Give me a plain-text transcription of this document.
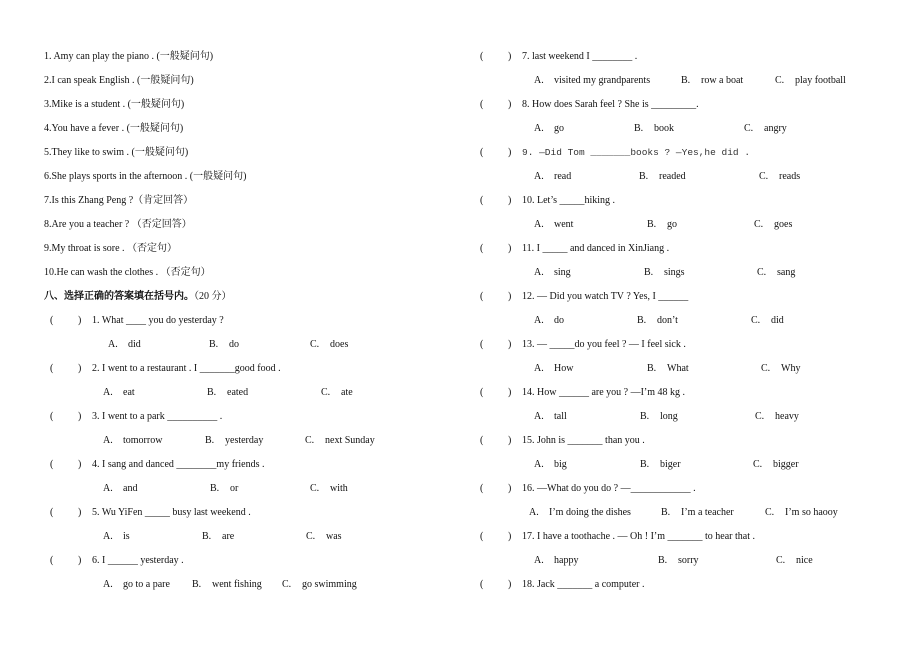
1. Amy can play the piano . (一般疑问句)
2.I can speak English . (一般疑问句)
3.Mike is a student . (一般疑问句)
4.You have a fever . (一般疑问句)
5.They like to swim . (一般疑问句)
6.She plays sports in the afternoon . (一般疑问句)
7.Is this Zhang Peng ?（肯定回答）
8.Are you a teacher ? （否定回答）
9.My throat is sore . （否定句）
10.He can wash the clothes . （否定句）
八、选择正确的答案填在括号内。（20 分）
( ) 1. What ____ you do yesterday ?
A. did	B. do	C. does
( ) 2. I went to a restaurant . I _______good food .
A. eat	B. eated	C. ate
( ) 3. I went to a park __________ .
A. tomorrow	B. yesterday	C. next Sunday
( ) 4. I sang and danced ________my friends .
A. and	B. or	C. with
( ) 5. Wu YiFen _____ busy last weekend .
A. is	B. are	C. was
( ) 6. I ______ yesterday .
A. go to a pare B. went fishing C. go swimming
( ) 7. last weekend I ________ .
A. visited my grandparents	B. row a boat	C. play football
( ) 8. How does Sarah feel ? She is _________.
A. go	B. book	C. angry
( ) 9. —Did Tom _______books ? —Yes,he did .
A. read	B. readed	C. reads
( ) 10. Let’s _____hiking .
A. went	B. go	C. goes
( ) 11. I _____ and danced in XinJiang .
A. sing	B. sings	C. sang
( ) 12. — Did you watch TV ? Yes, I ______
A. do	B. don’t	C. did
( ) 13. — _____do you feel ? — I feel sick .
A. How	B. What	C. Why
( ) 14. How ______ are you ? —I’m 48 kg .
A. tall	B. long	C. heavy
( ) 15. John is _______ than you .
A. big	B. biger	C. bigger
( ) 16. —What do you do ? —____________ .
A. I’m doing the dishes	B. I’m a teacher	C. I’m so haooy
( ) 17. I have a toothache . — Oh ! I’m _______ to hear that .
A. happy	B. sorry	C. nice
( ) 18. Jack _______ a computer .
